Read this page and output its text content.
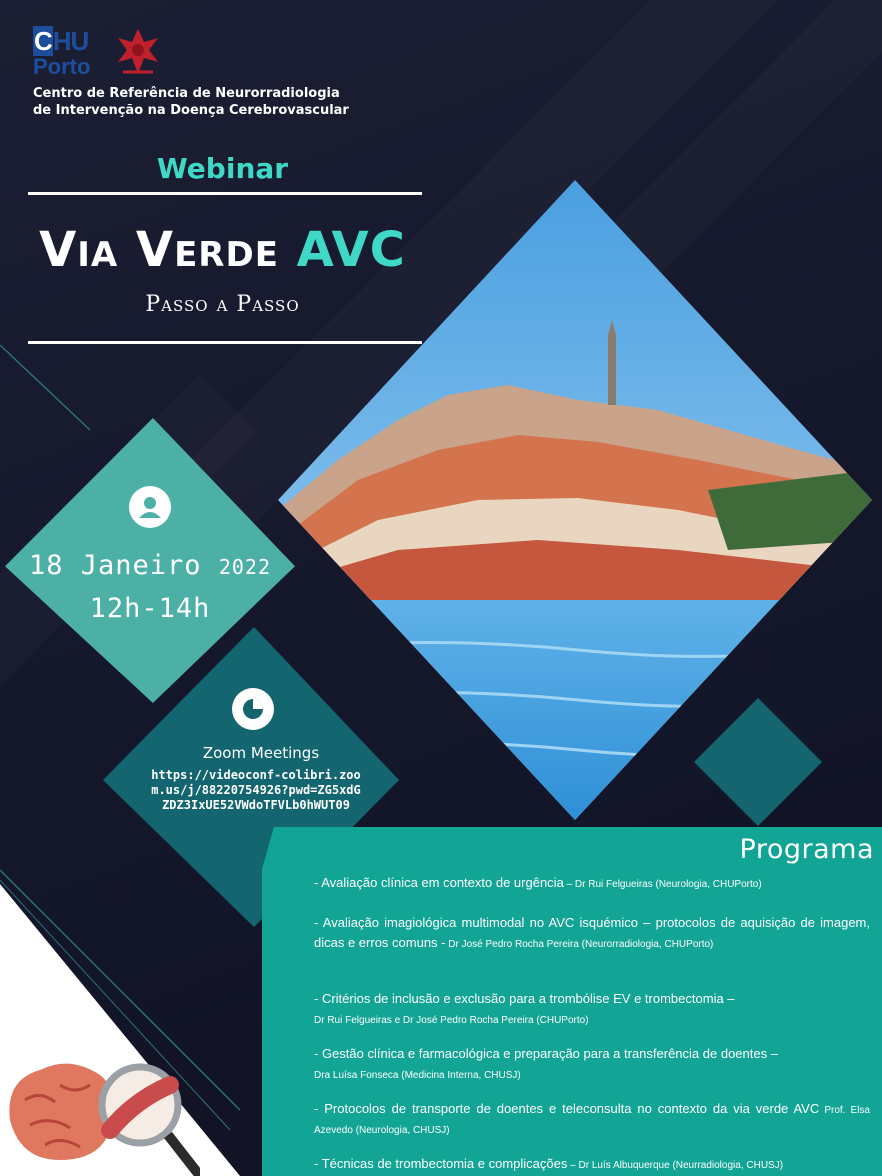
CHU
Porto
Centro de Referência de Neurorradiologia
de Intervenção na Doença Cerebrovascular
Webinar
Via Verde AVC
Passo a Passo
18 Janeiro 2022
12h-14h
Zoom Meetings
https://videoconf-colibri.zoom.us/j/88220754926?pwd=ZG5xdGZDZ3IxUE52VWdoTFVLb0hWUT09
Programa
- Avaliação clínica em contexto de urgência – Dr Rui Felgueiras (Neurologia, CHUPorto)
- Avaliação imagiológica multimodal no AVC isquémico – protocolos de aquisição de imagem, dicas e erros comuns - Dr José Pedro Rocha Pereira (Neurorradiologia, CHUPorto)
- Critérios de inclusão e exclusão para a trombólise EV e trombectomia –
Dr Rui Felgueiras e Dr José Pedro Rocha Pereira (CHUPorto)
- Gestão clínica e farmacológica e preparação para a transferência de doentes –
Dra Luísa Fonseca (Medicina Interna, CHUSJ)
- Protocolos de transporte de doentes e teleconsulta no contexto da via verde AVC Prof. Elsa Azevedo (Neurologia, CHUSJ)
- Técnicas de trombectomia e complicações – Dr Luís Albuquerque (Neurradiologia, CHUSJ)
